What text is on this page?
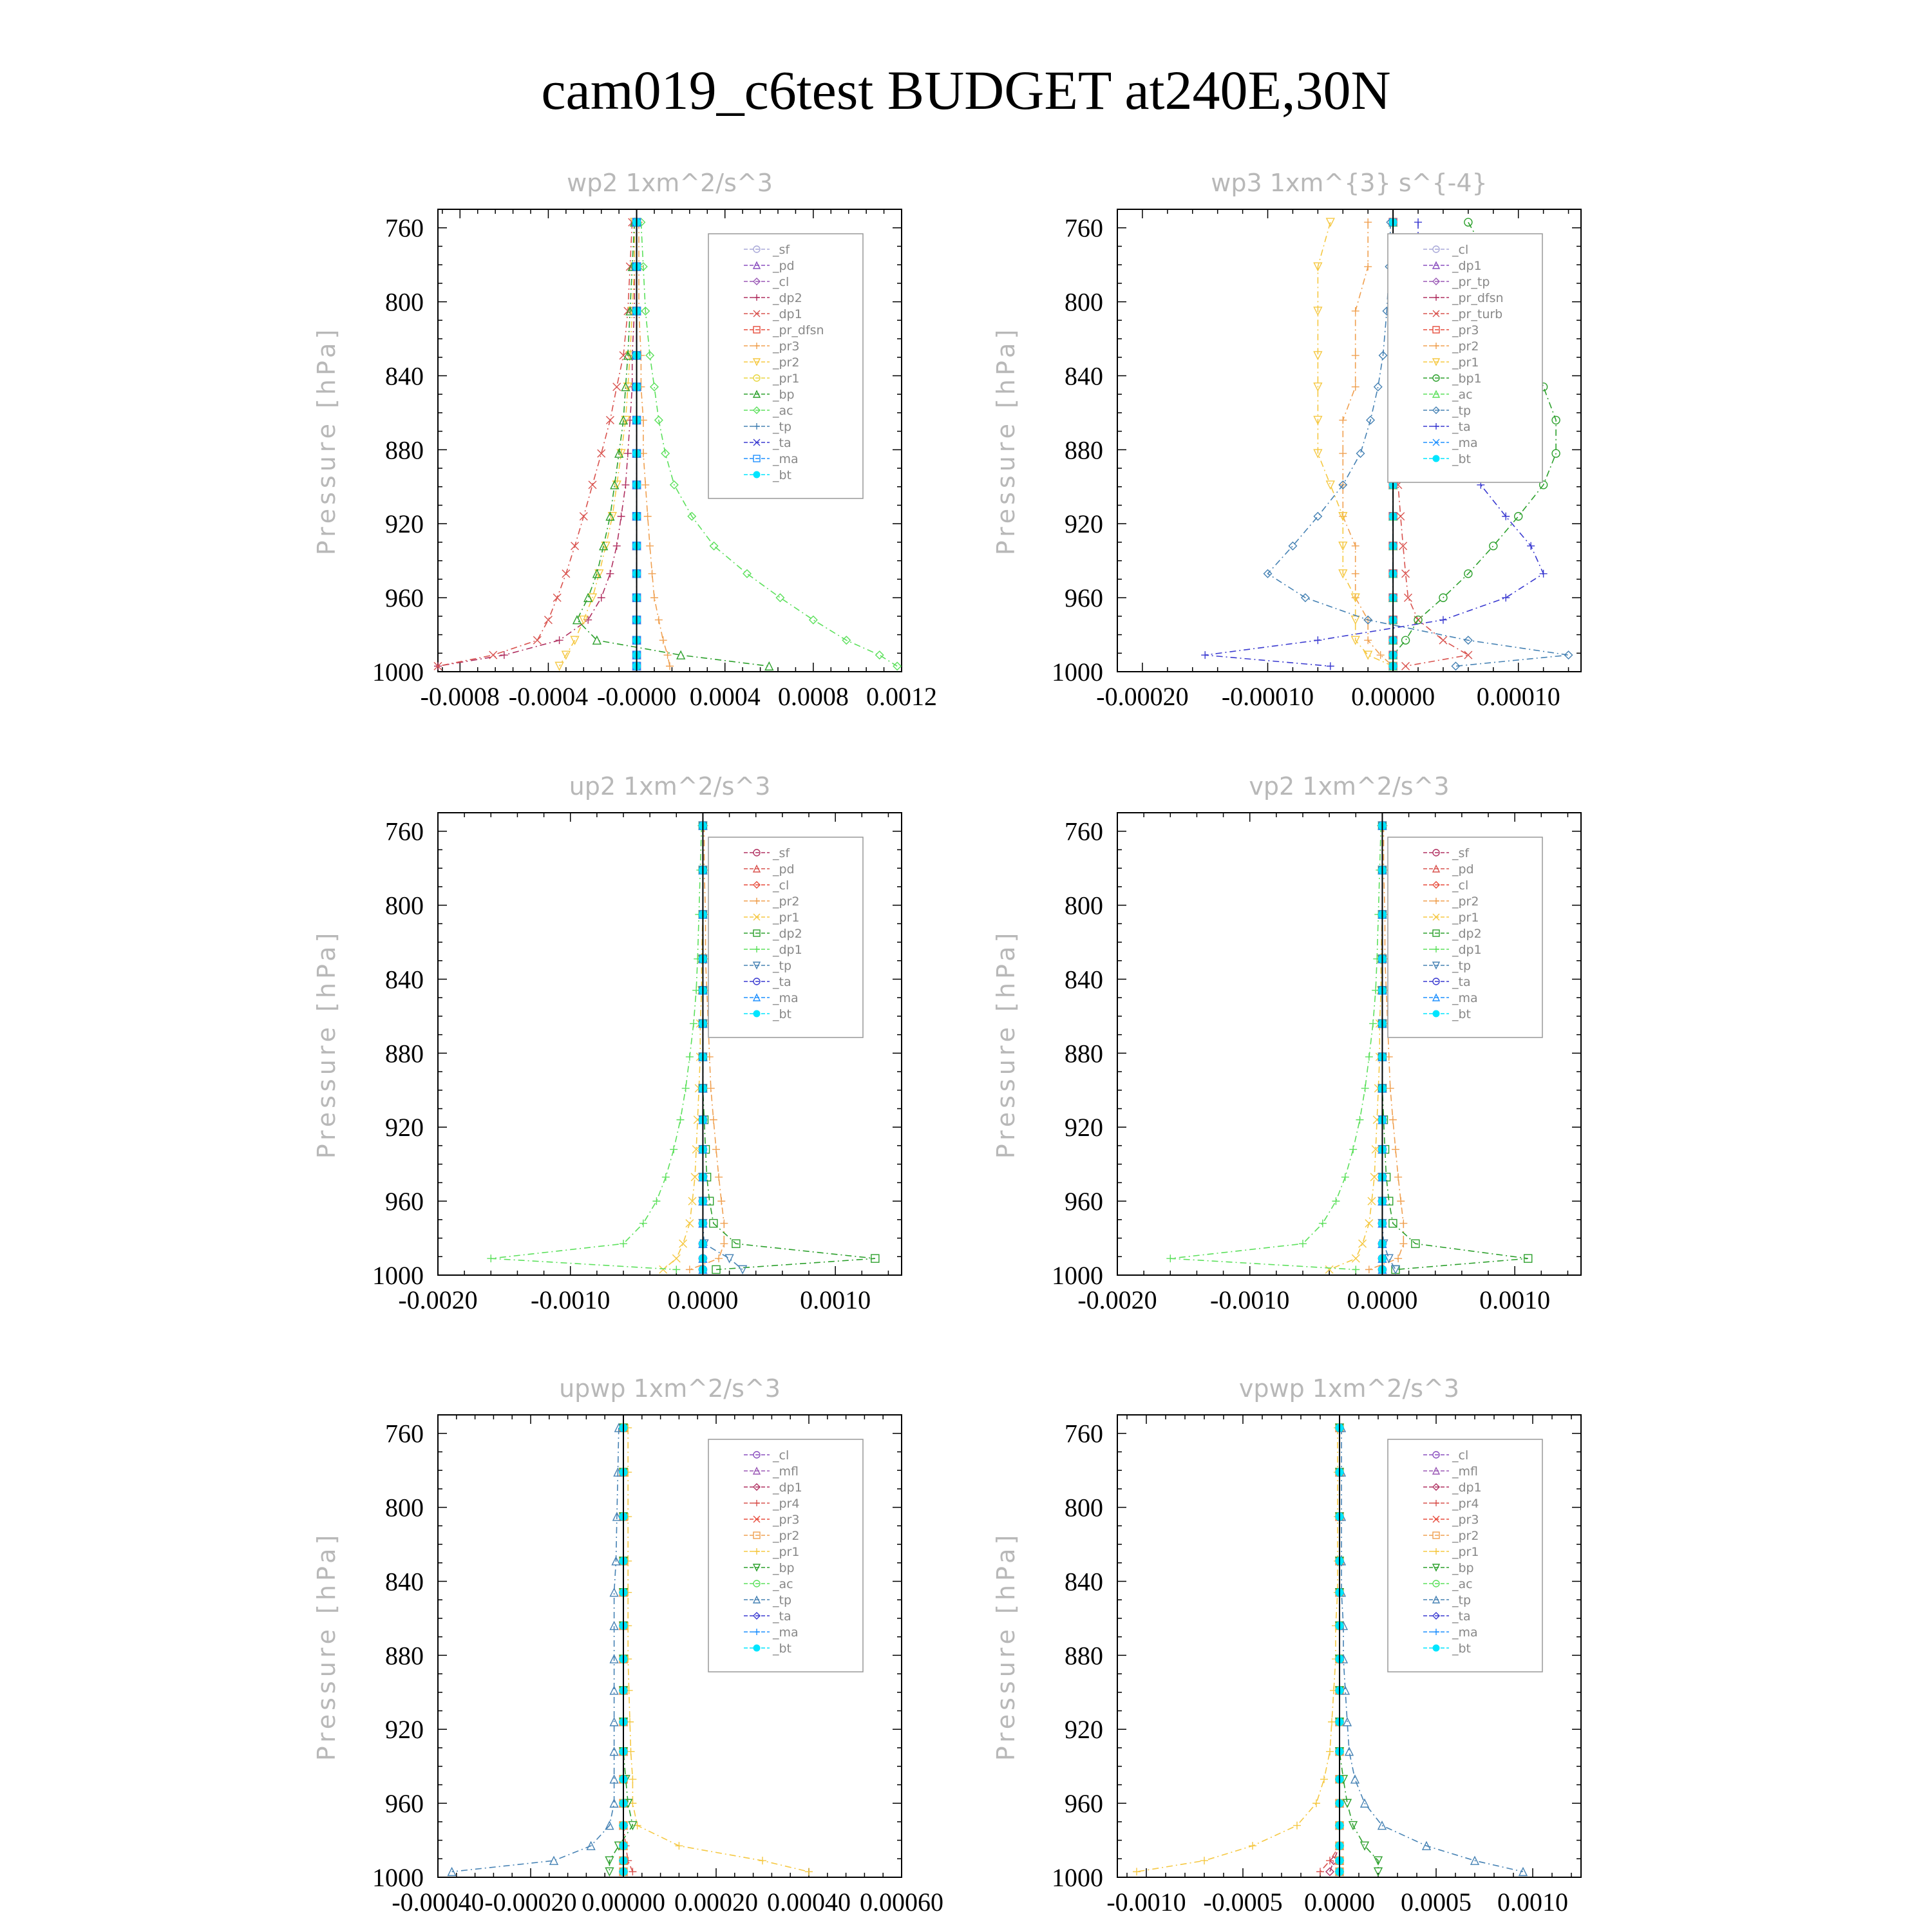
cam019_c6test BUDGET at240E,30N
wp2 1xm^2/s^3
Pressure [hPa]
760
800
840
880
920
960
1000
-0.0008 -0.0004 -0.0000 0.0004 0.0008 0.0012
_sf
_pd
_cl
_dp2
_dp1
_pr_dfsn
_pr3
_pr2
_pr1
_bp
_ac
_tp
_ta
_ma
_bt
wp3 1xm^{3} s^{-4}
Pressure [hPa]
760
800
840
880
920
960
1000
-0.00020 -0.00010 0.00000 0.00010
_cl
_dp1
_pr_tp
_pr_dfsn
_pr_turb
_pr3
_pr2
_pr1
_bp1
_ac
_tp
_ta
_ma
_bt
up2 1xm^2/s^3
Pressure [hPa]
760
800
840
880
920
960
1000
-0.0020 -0.0010 0.0000 0.0010
_sf
_pd
_cl
_pr2
_pr1
_dp2
_dp1
_tp
_ta
_ma
_bt
vp2 1xm^2/s^3
Pressure [hPa]
760
800
840
880
920
960
1000
-0.0020 -0.0010 0.0000 0.0010
_sf
_pd
_cl
_pr2
_pr1
_dp2
_dp1
_tp
_ta
_ma
_bt
upwp 1xm^2/s^3
Pressure [hPa]
760
800
840
880
920
960
1000
-0.00040 -0.00020 0.00000 0.00020 0.00040 0.00060
_cl
_mfl
_dp1
_pr4
_pr3
_pr2
_pr1
_bp
_ac
_tp
_ta
_ma
_bt
vpwp 1xm^2/s^3
Pressure [hPa]
760
800
840
880
920
960
1000
-0.0010 -0.0005 0.0000 0.0005 0.0010
_cl
_mfl
_dp1
_pr4
_pr3
_pr2
_pr1
_bp
_ac
_tp
_ta
_ma
_bt
